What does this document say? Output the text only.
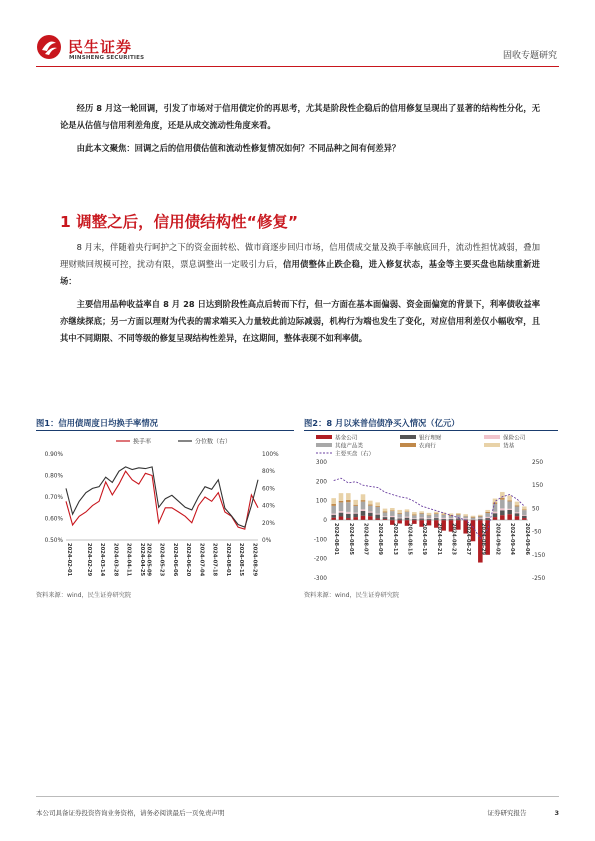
民生证券
MINSHENG SECURITIES	固收专题研究

经历 8 月这一轮回调，引发了市场对于信用债定价的再思考，尤其是阶段性企稳后的信用修复呈现出了显著的结构性分化，无论是从估值与信用利差角度，还是从成交流动性角度来看。

由此本文聚焦：回调之后的信用债估值和流动性修复情况如何？不同品种之间有何差异？

1 调整之后，信用债结构性“修复”

8 月末，伴随着央行呵护之下的资金面转松、做市商逐步回归市场，信用债成交量及换手率触底回升，流动性担忧减弱，叠加理财赎回规模可控，扰动有限，票息调整出一定吸引力后，信用债整体止跌企稳，进入修复状态，基金等主要买盘也陆续重新进场：

主要信用品种收益率自 8 月 28 日达到阶段性高点后转而下行，但一方面在基本面偏弱、资金面偏宽的背景下，利率债收益率亦继续探底；另一方面以理财为代表的需求端买入力量较此前边际减弱，机构行为端也发生了变化，对应信用利差仅小幅收窄，且其中不同期限、不同等级的修复呈现结构性差异，在这期间，整体表现不如利率债。

图1：信用债周度日均换手率情况
换手率	分位数（右）
0.50%
0.60%
0.70%
0.80%
0.90%
0%
20%
40%
60%
80%
100%
2024-02-01	2024-02-29 2024-03-14 2024-03-28 2024-04-11 2024-04-25 2024-05-09 2024-05-23 2024-06-06 2024-06-20 2024-07-04 2024-07-18 2024-08-01 2024-08-15 2024-08-29
资料来源：wind，民生证券研究院
图2：8 月以来普信债净买入情况（亿元）
基金公司	银行理财	保险公司
其他产品类	农商行	货基
主要买盘（右）
-300
-200
-100
0
100
200
300
-250
-150
-50
50
150
250
2024-08-01 2024-08-05 2024-08-07 2024-08-09 2024-08-13 2024-08-15 2024-08-19 2024-08-21 2024-08-23 2024-08-27 2024-08-29 2024-09-02 2024-09-04 2024-09-06
资料来源：wind，民生证券研究院
本公司具备证券投资咨询业务资格，请务必阅读最后一页免责声明	证券研究报告	3
